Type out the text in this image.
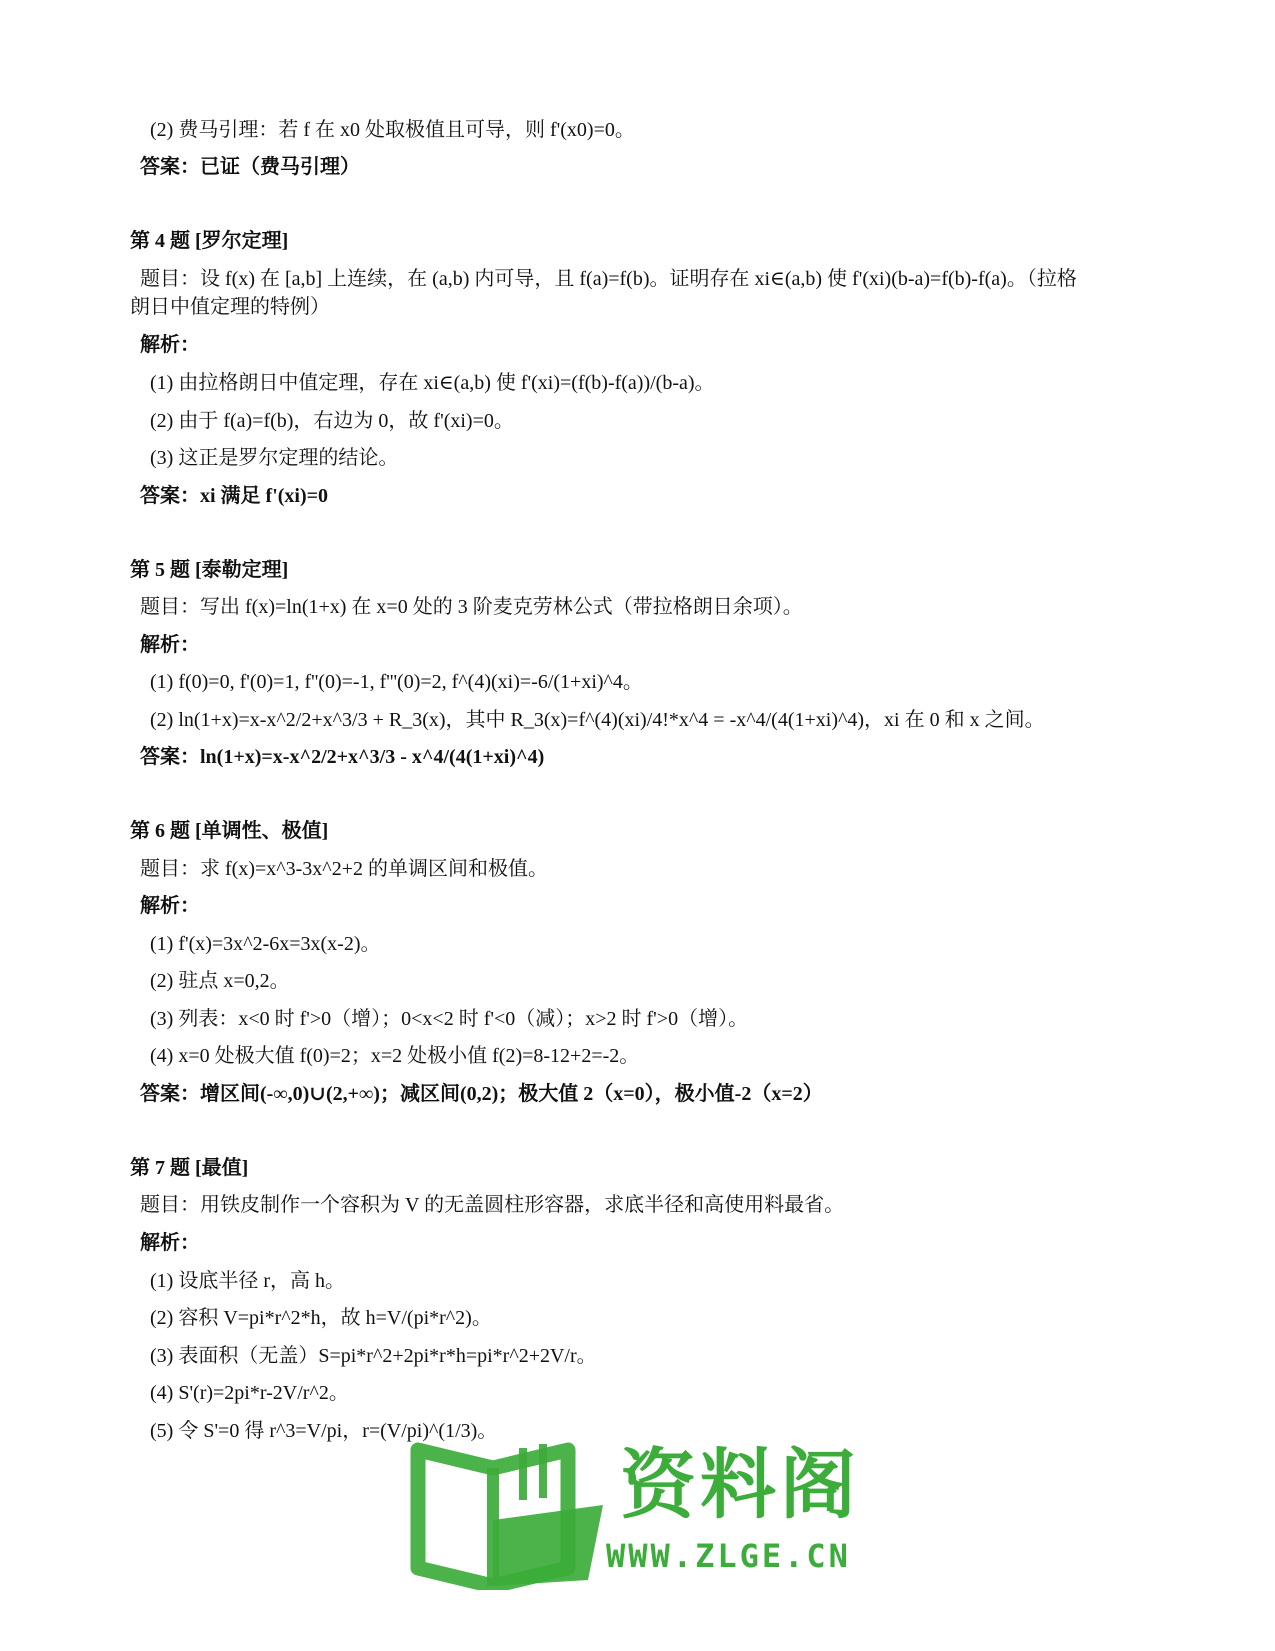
(2) 费马引理：若 f 在 x0 处取极值且可导，则 f'(x0)=0。
答案：已证（费马引理）
第 4 题 [罗尔定理]
题目：设 f(x) 在 [a,b] 上连续，在 (a,b) 内可导，且 f(a)=f(b)。证明存在 xi∈(a,b) 使 f'(xi)(b-a)=f(b)-f(a)。（拉格
朗日中值定理的特例）
解析：
(1) 由拉格朗日中值定理，存在 xi∈(a,b) 使 f'(xi)=(f(b)-f(a))/(b-a)。
(2) 由于 f(a)=f(b)，右边为 0，故 f'(xi)=0。
(3) 这正是罗尔定理的结论。
答案：xi 满足 f'(xi)=0
第 5 题 [泰勒定理]
题目：写出 f(x)=ln(1+x) 在 x=0 处的 3 阶麦克劳林公式（带拉格朗日余项）。
解析：
(1) f(0)=0, f'(0)=1, f''(0)=-1, f'''(0)=2, f^(4)(xi)=-6/(1+xi)^4。
(2) ln(1+x)=x-x^2/2+x^3/3 + R_3(x)，其中 R_3(x)=f^(4)(xi)/4!*x^4 = -x^4/(4(1+xi)^4)，xi 在 0 和 x 之间。
答案：ln(1+x)=x-x^2/2+x^3/3 - x^4/(4(1+xi)^4)
第 6 题 [单调性、极值]
题目：求 f(x)=x^3-3x^2+2 的单调区间和极值。
解析：
(1) f'(x)=3x^2-6x=3x(x-2)。
(2) 驻点 x=0,2。
(3) 列表：x<0 时 f'>0（增）；0<x<2 时 f'<0（减）；x>2 时 f'>0（增）。
(4) x=0 处极大值 f(0)=2；x=2 处极小值 f(2)=8-12+2=-2。
答案：增区间(-∞,0)∪(2,+∞)；减区间(0,2)；极大值 2（x=0），极小值-2（x=2）
第 7 题 [最值]
题目：用铁皮制作一个容积为 V 的无盖圆柱形容器，求底半径和高使用料最省。
解析：
(1) 设底半径 r，高 h。
(2) 容积 V=pi*r^2*h，故 h=V/(pi*r^2)。
(3) 表面积（无盖）S=pi*r^2+2pi*r*h=pi*r^2+2V/r。
(4) S'(r)=2pi*r-2V/r^2。
(5) 令 S'=0 得 r^3=V/pi，r=(V/pi)^(1/3)。
资料阁
WWW.ZLGE.CN
